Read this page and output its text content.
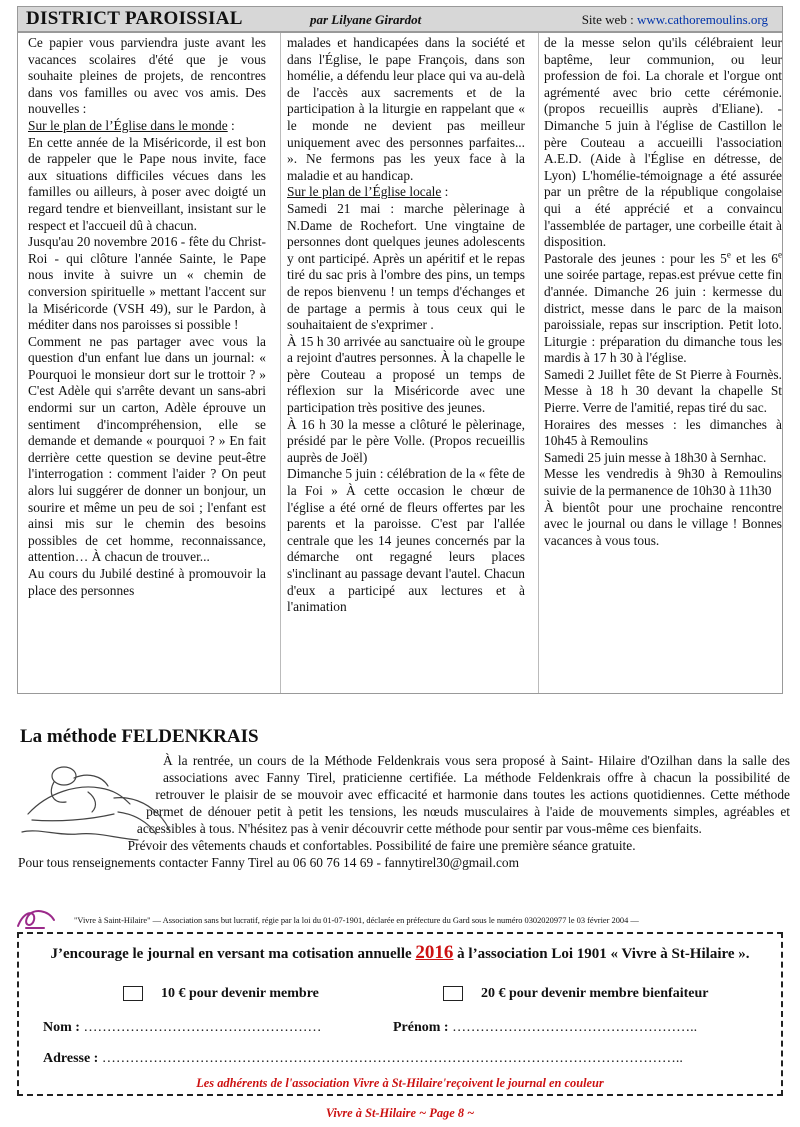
DISTRICT PAROISSIAL	par Lilyane Girardot	Site web : www.cathoremoulins.org

Ce papier vous parviendra juste avant les vacances scolaires d'été que je vous souhaite pleines de projets, de rencontres dans vos familles ou avec vos amis. Des nouvelles :

Sur le plan de l’Église dans le monde :

En cette année de la Miséricorde, il est bon de rappeler que le Pape nous invite, face aux situations difficiles vécues dans les familles ou ailleurs, à poser avec doigté un regard tendre et bienveillant, insistant sur le respect et l'accueil dû à chacun.

Jusqu'au 20 novembre 2016 - fête du Christ-Roi - qui clôture l'année Sainte, le Pape nous invite à suivre un « chemin de conversion spirituelle » mettant l'accent sur la Miséricorde (VSH 49), sur le Pardon, à méditer dans nos paroisses si possible !

Comment ne pas partager avec vous la question d'un enfant lue dans un journal: « Pourquoi le monsieur dort sur le trottoir ? » C'est Adèle qui s'arrête devant un sans-abri endormi sur un carton, Adèle éprouve un sentiment d'incompréhension, elle se demande et demande « pourquoi ? » En fait derrière cette question se devine peut-être l'interrogation : comment l'aider ? On peut alors lui suggérer de donner un bonjour, un sourire et même un peu de soi ; l'enfant est ainsi mis sur le chemin des besoins possibles de cet homme, reconnaissance, attention… À chacun de trouver...

Au cours du Jubilé destiné à promouvoir la place des personnes

malades et handicapées dans la société et dans l'Église, le pape François, dans son homélie, a défendu leur place qui va au-delà de l'accès aux sacrements et de la participation à la liturgie en rappelant que « le monde ne devient pas meilleur uniquement avec des personnes parfaites... ». Ne fermons pas les yeux face à la maladie et au handicap.

Sur le plan de l’Église locale :

Samedi 21 mai : marche pèlerinage à N.Dame de Rochefort. Une vingtaine de personnes dont quelques jeunes adolescents y ont participé. Après un apéritif et le repas tiré du sac pris à l'ombre des pins, un temps de repos bienvenu ! un temps d'échanges et de partage a permis à tous ceux qui le souhaitaient de s'exprimer .

À 15 h 30 arrivée au sanctuaire où le groupe a rejoint d'autres personnes. À la chapelle le père Couteau a proposé un temps de réflexion sur la Miséricorde avec une participation très positive des jeunes.

À 16 h 30 la messe a clôturé le pèlerinage, présidé par le père Volle. (Propos recueillis auprès de Joël)

Dimanche 5 juin : célébration de la « fête de la Foi » À cette occasion le chœur de l'église a été orné de fleurs offertes par les parents et la paroisse. C'est par l'allée centrale que les 14 jeunes concernés par la démarche ont regagné leurs places s'inclinant au passage devant l'autel. Chacun d'eux a participé aux lectures et à l'animation

de la messe selon qu'ils célébraient leur baptême, leur communion, ou leur profession de foi. La chorale et l'orgue ont agrémenté avec brio cette cérémonie. (propos recueillis auprès d'Eliane). - Dimanche 5 juin à l'église de Castillon le père Couteau a accueilli l'association A.E.D. (Aide à l'Église en détresse, de Lyon) L'homélie-témoignage a été assurée par un prêtre de la république congolaise qui a été apprécié et a convaincu l'assemblée de partager, une corbeille était à disposition.

Pastorale des jeunes : pour les 5e et les 6e une soirée partage, repas.est prévue cette fin d'année. Dimanche 26 juin : kermesse du district, messe dans le parc de la maison paroissiale, repas sur inscription. Petit loto. Liturgie : préparation du dimanche tous les mardis à 17 h 30 à l'église.

Samedi 2 Juillet fête de St Pierre à Fournès. Messe à 18 h 30 devant la chapelle St Pierre. Verre de l'amitié, repas tiré du sac.

Horaires des messes : les dimanches à 10h45 à Remoulins

Samedi 25 juin messe à 18h30 à Sernhac.

Messe les vendredis à 9h30 à Remoulins suivie de la permanence de 10h30 à 11h30

À bientôt pour une prochaine rencontre avec le journal ou dans le village ! Bonnes vacances à vous tous.

La méthode FELDENKRAIS

À la rentrée, un cours de la Méthode Feldenkrais vous sera proposé à Saint- Hilaire d'Ozilhan dans la salle des associations avec Fanny Tirel, praticienne certifiée. La méthode Feldenkrais offre à chacun la possibilité de retrouver le plaisir de se mouvoir avec efficacité et harmonie dans toutes les actions quotidiennes. Cette méthode permet de dénouer petit à petit les tensions, les nœuds musculaires à l'aide de mouvements simples, agréables et accessibles à tous. N'hésitez pas à venir découvrir cette méthode pour sentir par vous-même ces bienfaits.

Prévoir des vêtements chauds et confortables. Possibilité de faire une première séance gratuite.

Pour tous renseignements contacter Fanny Tirel au 06 60 76 14 69 - fannytirel30@gmail.com

"Vivre à Saint-Hilaire" — Association sans but lucratif, régie par la loi du 01-07-1901, déclarée en préfecture du Gard sous le numéro 0302020977 le 03 février 2004 —
J’encourage le journal en versant ma cotisation annuelle 2016 à l’association Loi 1901 « Vivre à St-Hilaire ».
10 € pour devenir membre	20 € pour devenir membre bienfaiteur
Nom : ……………………………………………	Prénom : ……………………………………………..
Adresse : ……………………………………………………………………………………………………………..
Les adhérents de l'association Vivre à St-Hilaire'reçoivent le journal en couleur
Vivre à St-Hilaire ~ Page 8 ~
